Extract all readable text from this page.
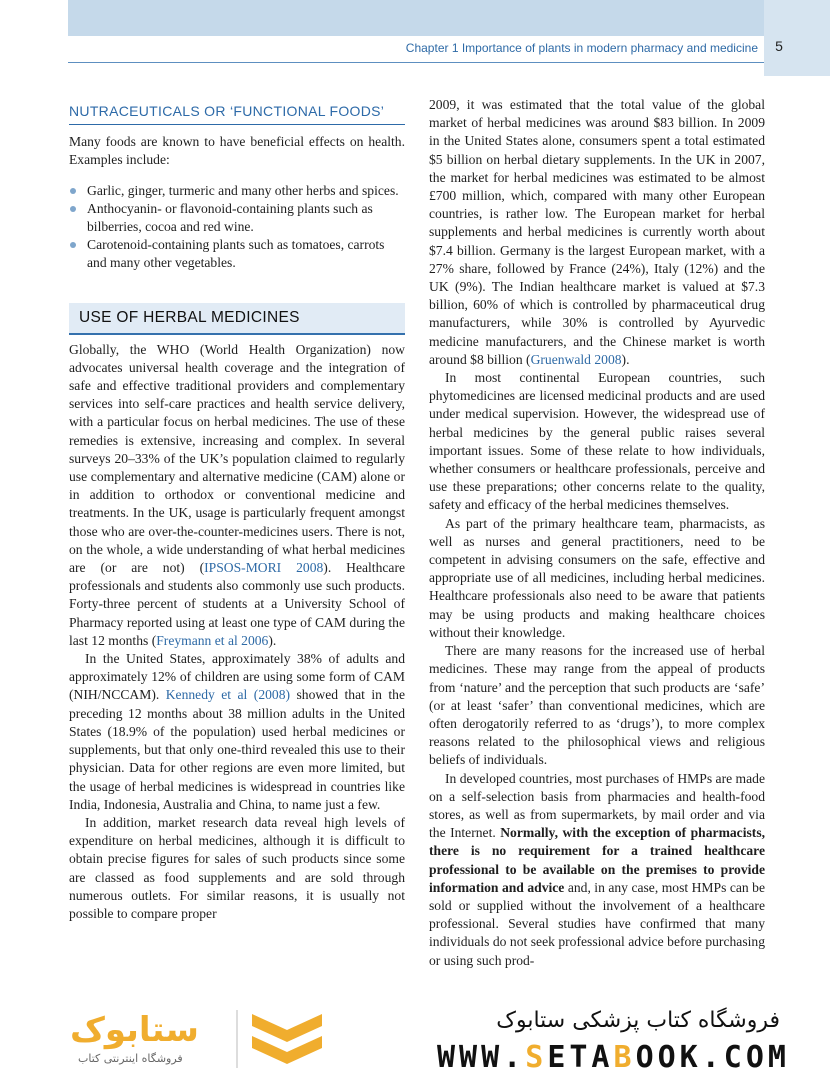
Chapter 1 Importance of plants in modern pharmacy and medicine	5
NUTRACEUTICALS OR ‘FUNCTIONAL FOODS’

Many foods are known to have beneficial effects on health. Examples include:

Garlic, ginger, turmeric and many other herbs and spices.
Anthocyanin- or flavonoid-containing plants such as bilberries, cocoa and red wine.
Carotenoid-containing plants such as tomatoes, carrots and many other vegetables.
USE OF HERBAL MEDICINES

Globally, the WHO (World Health Organization) now advocates universal health coverage and the integration of safe and effective traditional providers and complementary services into self-care practices and health service delivery, with a particular focus on herbal medicines. The use of these remedies is extensive, increasing and complex. In several surveys 20–33% of the UK’s population claimed to regularly use complementary and alternative medicine (CAM) alone or in addition to orthodox or conventional medicine and treatments. In the UK, usage is particularly frequent amongst those who are over-the-counter-medicines users. There is not, on the whole, a wide understanding of what herbal medicines are (or are not) (IPSOS-MORI 2008). Healthcare professionals and students also commonly use such products. Forty-three percent of students at a University School of Pharmacy reported using at least one type of CAM during the last 12 months (Freymann et al 2006).

In the United States, approximately 38% of adults and approximately 12% of children are using some form of CAM (NIH/NCCAM). Kennedy et al (2008) showed that in the preceding 12 months about 38 million adults in the United States (18.9% of the population) used herbal medicines or supplements, but that only one-third revealed this use to their physician. Data for other regions are even more limited, but the usage of herbal medicines is widespread in countries like India, Indonesia, Australia and China, to name just a few.

In addition, market research data reveal high levels of expenditure on herbal medicines, although it is difficult to obtain precise figures for sales of such products since some are classed as food supplements and are sold through numerous outlets. For similar reasons, it is usually not possible to compare proper

2009, it was estimated that the total value of the global market of herbal medicines was around $83 billion. In 2009 in the United States alone, consumers spent a total estimated $5 billion on herbal dietary supplements. In the UK in 2007, the market for herbal medicines was estimated to be almost £700 million, which, compared with many other European countries, is rather low. The European market for herbal supplements and herbal medicines is currently worth about $7.4 billion. Germany is the largest European market, with a 27% share, followed by France (24%), Italy (12%) and the UK (9%). The Indian healthcare market is valued at $7.3 billion, 60% of which is controlled by pharmaceutical drug manufacturers, while 30% is controlled by Ayurvedic medicine manufacturers, and the Chinese market is worth around $8 billion (Gruenwald 2008).

In most continental European countries, such phytomedicines are licensed medicinal products and are used under medical supervision. However, the widespread use of herbal medicines by the general public raises several important issues. Some of these relate to how individuals, whether consumers or healthcare professionals, perceive and use these preparations; other concerns relate to the quality, safety and efficacy of the herbal medicines themselves.

As part of the primary healthcare team, pharmacists, as well as nurses and general practitioners, need to be competent in advising consumers on the safe, effective and appropriate use of all medicines, including herbal medicines. Healthcare professionals also need to be aware that patients may be using products and making healthcare choices without their knowledge.

There are many reasons for the increased use of herbal medicines. These may range from the appeal of products from ‘nature’ and the perception that such products are ‘safe’ (or at least ‘safer’ than conventional medicines, which are often derogatorily referred to as ‘drugs’), to more complex reasons related to the philosophical views and religious beliefs of individuals.

In developed countries, most purchases of HMPs are made on a self-selection basis from pharmacies and health-food stores, as well as from supermarkets, by mail order and via the Internet. Normally, with the exception of pharmacists, there is no requirement for a trained healthcare professional to be available on the premises to provide information and advice and, in any case, most HMPs can be sold or supplied without the involvement of a healthcare professional. Several studies have confirmed that many individuals do not seek professional advice before purchasing or using such prod-

ستابوک
فروشگاه اینترنتی کتاب
فروشگاه کتاب پزشکی ستابوک
WWW.SETABOOK.COM
